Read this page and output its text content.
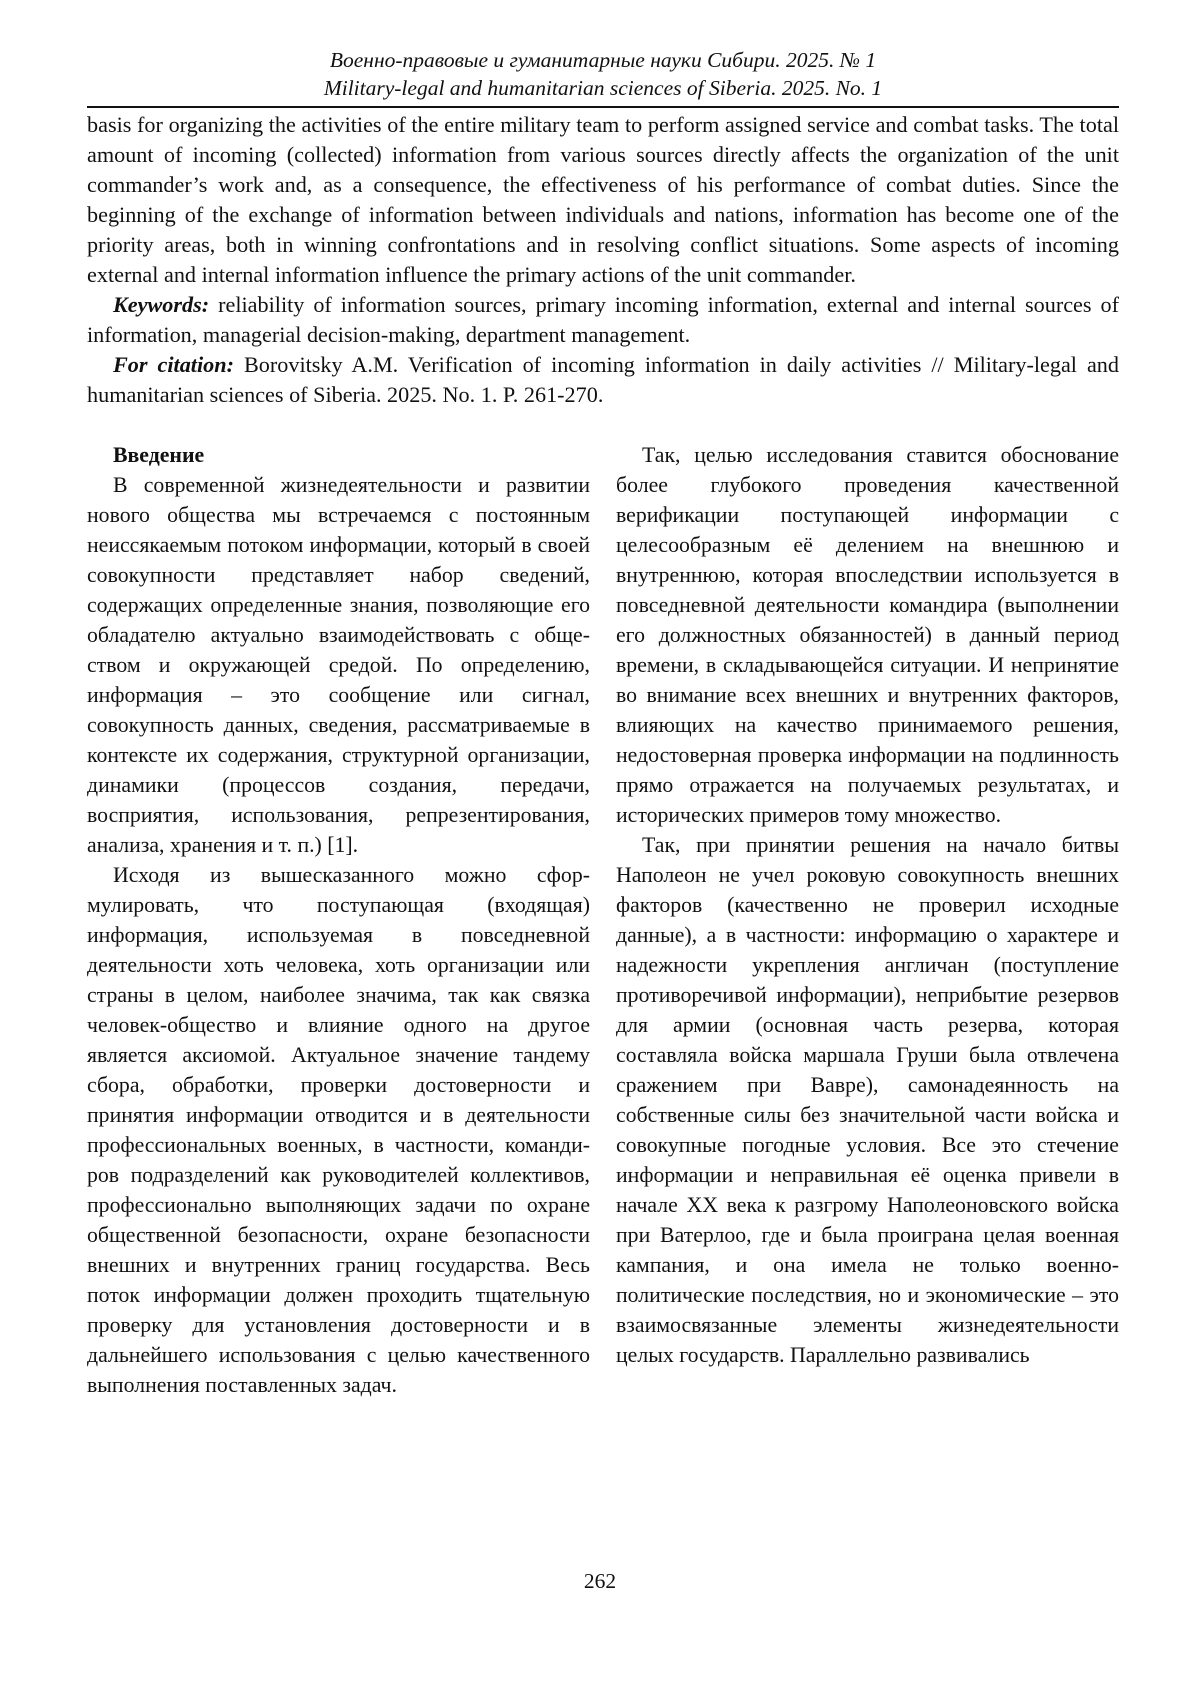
Военно-правовые и гуманитарные науки Сибири. 2025. № 1
Military-legal and humanitarian sciences of Siberia. 2025. No. 1

basis for organizing the activities of the entire military team to perform assigned service and combat tasks. The total amount of incoming (collected) information from various sources directly affects the organization of the unit commander’s work and, as a consequence, the effectiveness of his performance of combat duties. Since the beginning of the exchange of information between individuals and nations, information has become one of the priority areas, both in winning confrontations and in resolving conflict situations. Some aspects of incoming external and internal information influence the primary actions of the unit commander.

Keywords: reliability of information sources, primary incoming information, external and internal sources of information, managerial decision-making, department management.

For citation: Borovitsky A.M. Verification of incoming information in daily activities // Military-legal and humanitarian sciences of Siberia. 2025. No. 1. P. 261-270.

Введение

В современной жизнедеятельности и развитии нового общества мы встречаемся с постоянным неиссякаемым потоком информации, который в своей совокупности представляет набор сведений, содержащих определенные знания, позволяющие его обладателю актуально взаимодействовать с обществом и окружающей средой. По определению, информация – это сообщение или сигнал, совокупность данных, сведения, рассматриваемые в контексте их содержания, структурной организации, динамики (процессов создания, передачи, восприятия, использования, репрезентирования, анализа, хранения и т. п.) [1].

Исходя из вышесказанного можно сформулировать, что поступающая (входящая) информация, используемая в повседневной деятельности хоть человека, хоть организации или страны в целом, наиболее значима, так как связка человек-общество и влияние одного на другое является аксиомой. Актуальное значение тандему сбора, обработки, проверки достоверности и принятия информации отводится и в деятельности профессиональных военных, в частности, командиров подразделений как руководителей коллективов, профессионально выполняющих задачи по охране общественной безопасности, охране безопасности внешних и внутренних границ государства. Весь поток информации должен проходить тщательную проверку для установления достоверности и в дальнейшего использования с целью качественного выполнения поставленных задач.

Так, целью исследования ставится обоснование более глубокого проведения качественной верификации поступающей информации с целесообразным её делением на внешнюю и внутреннюю, которая впоследствии используется в повседневной деятельности командира (выполнении его должностных обязанностей) в данный период времени, в складывающейся ситуации. И непринятие во внимание всех внешних и внутренних факторов, влияющих на качество принимаемого решения, недостоверная проверка информации на подлинность прямо отражается на получаемых результатах, и исторических примеров тому множество.

Так, при принятии решения на начало битвы Наполеон не учел роковую совокупность внешних факторов (качественно не проверил исходные данные), а в частности: информацию о характере и надежности укрепления англичан (поступление противоречивой информации), неприбытие резервов для армии (основная часть резерва, которая составляла войска маршала Груши была отвлечена сражением при Вавре), самонадеянность на собственные силы без значительной части войска и совокупные погодные условия. Все это стечение информации и неправильная её оценка привели в начале XX века к разгрому Наполеоновского войска при Ватерлоо, где и была проиграна целая военная кампания, и она имела не только военно-политические последствия, но и экономические – это взаимосвязанные элементы жизнедеятельности целых государств. Параллельно развивались

262
